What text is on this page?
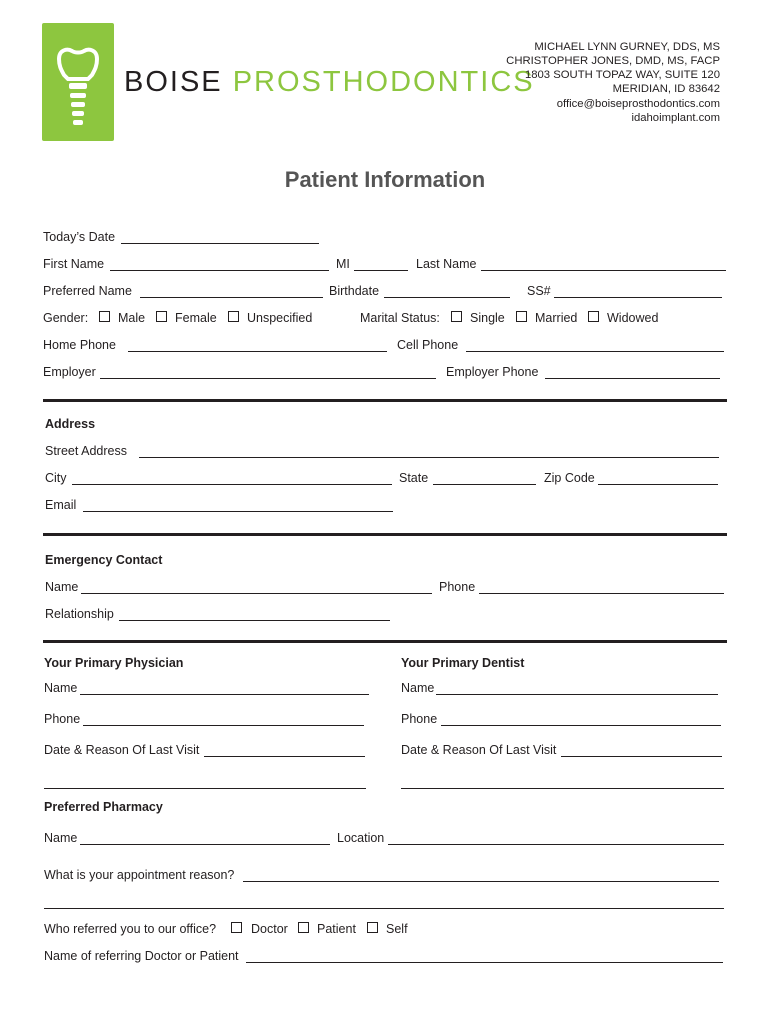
BOISE PROSTHODONTICS
MICHAEL LYNN GURNEY, DDS, MS
CHRISTOPHER JONES, DMD, MS, FACP
1803 SOUTH TOPAZ WAY, SUITE 120
MERIDIAN, ID 83642
office@boiseprosthodontics.com
idahoimplant.com
Patient Information
Today’s Date
First Name	MI	Last Name
Preferred Name	Birthdate	SS#
Gender: Male Female Unspecified	Marital Status: Single Married Widowed
Home Phone	Cell Phone
Employer	Employer Phone
Address
Street Address
City	State	Zip Code
Email
Emergency Contact
Name	Phone
Relationship
Your Primary Physician	Your Primary Dentist
Name	Name
Phone	Phone
Date & Reason Of Last Visit	Date & Reason Of Last Visit
Preferred Pharmacy
Name	Location
What is your appointment reason?
Who referred you to our office?	Doctor Patient Self
Name of referring Doctor or Patient
